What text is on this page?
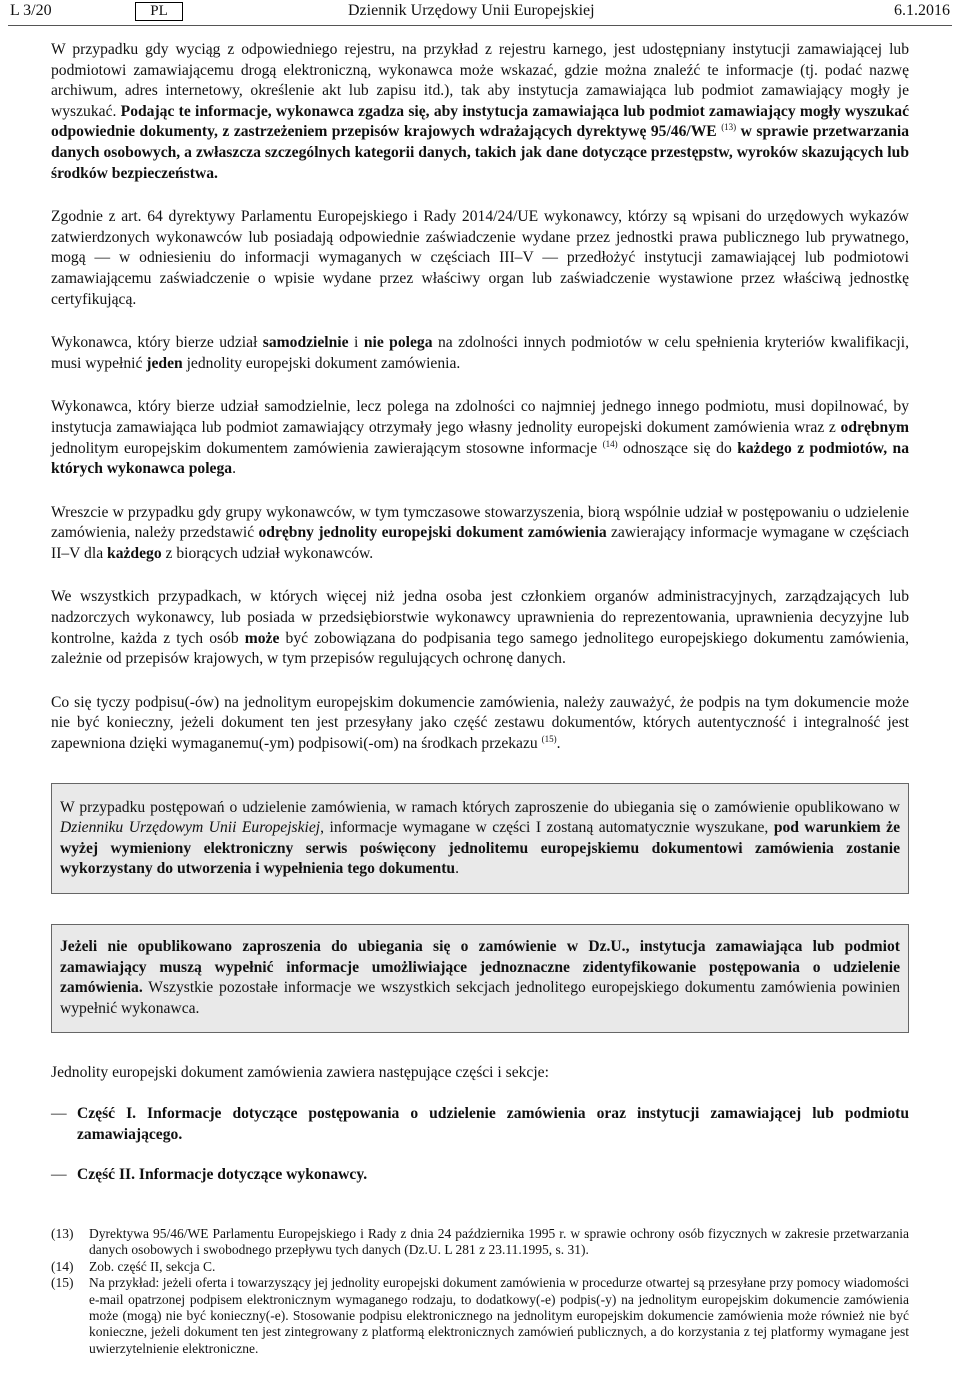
L 3/20	PL	Dziennik Urzędowy Unii Europejskiej	6.1.2016

W przypadku gdy wyciąg z odpowiedniego rejestru, na przykład z rejestru karnego, jest udostępniany instytucji zamawiającej lub podmiotowi zamawiającemu drogą elektroniczną, wykonawca może wskazać, gdzie można znaleźć te informacje (tj. podać nazwę archiwum, adres internetowy, określenie akt lub zapisu itd.), tak aby instytucja zamawiająca lub podmiot zamawiający mogły je wyszukać. Podając te informacje, wykonawca zgadza się, aby instytucja zamawiająca lub podmiot zamawiający mogły wyszukać odpowiednie dokumenty, z zastrzeżeniem przepisów krajowych wdrażających dyrektywę 95/46/WE $^{(13)}$ w sprawie przetwarzania danych osobowych, a zwłaszcza szczególnych kategorii danych, takich jak dane dotyczące przestępstw, wyroków skazujących lub środków bezpieczeństwa.

Zgodnie z art. 64 dyrektywy Parlamentu Europejskiego i Rady 2014/24/UE wykonawcy, którzy są wpisani do urzędowych wykazów zatwierdzonych wykonawców lub posiadają odpowiednie zaświadczenie wydane przez jednostki prawa publicznego lub prywatnego, mogą — w odniesieniu do informacji wymaganych w częściach III–V — przedłożyć instytucji zamawiającej lub podmiotowi zamawiającemu zaświadczenie o wpisie wydane przez właściwy organ lub zaświadczenie wystawione przez właściwą jednostkę certyfikującą.

Wykonawca, który bierze udział samodzielnie i nie polega na zdolności innych podmiotów w celu spełnienia kryteriów kwalifikacji, musi wypełnić jeden jednolity europejski dokument zamówienia.

Wykonawca, który bierze udział samodzielnie, lecz polega na zdolności co najmniej jednego innego podmiotu, musi dopilnować, by instytucja zamawiająca lub podmiot zamawiający otrzymały jego własny jednolity europejski dokument zamówienia wraz z odrębnym jednolitym europejskim dokumentem zamówienia zawierającym stosowne informacje $^{(14)}$ odnoszące się do każdego z podmiotów, na których wykonawca polega.

Wreszcie w przypadku gdy grupy wykonawców, w tym tymczasowe stowarzyszenia, biorą wspólnie udział w postępowaniu o udzielenie zamówienia, należy przedstawić odrębny jednolity europejski dokument zamówienia zawierający informacje wymagane w częściach II–V dla każdego z biorących udział wykonawców.

We wszystkich przypadkach, w których więcej niż jedna osoba jest członkiem organów administracyjnych, zarządzających lub nadzorczych wykonawcy, lub posiada w przedsiębiorstwie wykonawcy uprawnienia do reprezentowania, uprawnienia decyzyjne lub kontrolne, każda z tych osób może być zobowiązana do podpisania tego samego jednolitego europejskiego dokumentu zamówienia, zależnie od przepisów krajowych, w tym przepisów regulujących ochronę danych.

Co się tyczy podpisu(-ów) na jednolitym europejskim dokumencie zamówienia, należy zauważyć, że podpis na tym dokumencie może nie być konieczny, jeżeli dokument ten jest przesyłany jako część zestawu dokumentów, których autentyczność i integralność jest zapewniona dzięki wymaganemu(-ym) podpisowi(-om) na środkach przekazu $^{(15)}$.

W przypadku postępowań o udzielenie zamówienia, w ramach których zaproszenie do ubiegania się o zamówienie opublikowano w Dzienniku Urzędowym Unii Europejskiej, informacje wymagane w części I zostaną automatycznie wyszukane, pod warunkiem że wyżej wymieniony elektroniczny serwis poświęcony jednolitemu europejskiemu dokumentowi zamówienia zostanie wykorzystany do utworzenia i wypełnienia tego dokumentu.

Jeżeli nie opublikowano zaproszenia do ubiegania się o zamówienie w Dz.U., instytucja zamawiająca lub podmiot zamawiający muszą wypełnić informacje umożliwiające jednoznaczne zidentyfikowanie postępowania o udzielenie zamówienia. Wszystkie pozostałe informacje we wszystkich sekcjach jednolitego europejskiego dokumentu zamówienia powinien wypełnić wykonawca.

Jednolity europejski dokument zamówienia zawiera następujące części i sekcje:

— Część I. Informacje dotyczące postępowania o udzielenie zamówienia oraz instytucji zamawiającej lub podmiotu zamawiającego.
— Część II. Informacje dotyczące wykonawcy.
(13)	Dyrektywa 95/46/WE Parlamentu Europejskiego i Rady z dnia 24 października 1995 r. w sprawie ochrony osób fizycznych w zakresie przetwarzania danych osobowych i swobodnego przepływu tych danych (Dz.U. L 281 z 23.11.1995, s. 31).
(14)	Zob. część II, sekcja C.
(15)	Na przykład: jeżeli oferta i towarzyszący jej jednolity europejski dokument zamówienia w procedurze otwartej są przesyłane przy pomocy wiadomości e-mail opatrzonej podpisem elektronicznym wymaganego rodzaju, to dodatkowy(-e) podpis(-y) na jednolitym europejskim dokumencie zamówienia może (mogą) nie być konieczny(-e). Stosowanie podpisu elektronicznego na jednolitym europejskim dokumencie zamówienia może również nie być konieczne, jeżeli dokument ten jest zintegrowany z platformą elektronicznych zamówień publicznych, a do korzystania z tej platformy wymagane jest uwierzytelnienie elektroniczne.
